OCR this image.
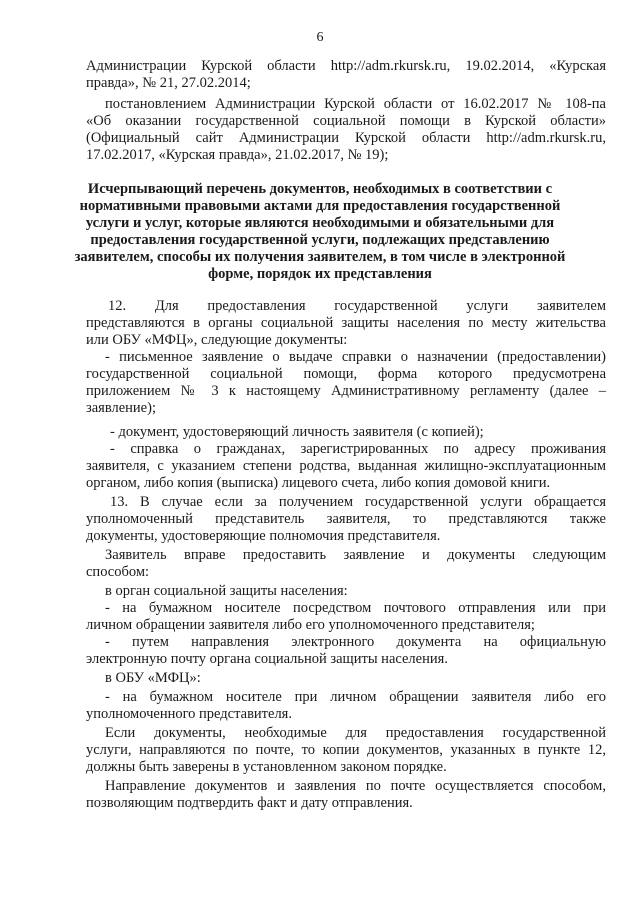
6
Администрации Курской области http://adm.rkursk.ru, 19.02.2014, «Курская
правда», № 21, 27.02.2014;
постановлением Администрации Курской области от 16.02.2017 № 108-па
«Об оказании государственной социальной помощи в Курской области»
(Официальный сайт Администрации Курской области http://adm.rkursk.ru,
17.02.2017, «Курская правда», 21.02.2017, № 19);
Исчерпывающий перечень документов, необходимых в соответствии с
нормативными правовыми актами для предоставления государственной
услуги и услуг, которые являются необходимыми и обязательными для
предоставления государственной услуги, подлежащих представлению
заявителем, способы их получения заявителем, в том числе в электронной
форме, порядок их представления
12. Для предоставления государственной услуги заявителем
представляются в органы социальной защиты населения по месту жительства
или ОБУ «МФЦ», следующие документы:
- письменное заявление о выдаче справки о назначении (предоставлении)
государственной социальной помощи, форма которого предусмотрена
приложением № 3 к настоящему Административному регламенту (далее –
заявление);
- документ, удостоверяющий личность заявителя (с копией);
- справка о гражданах, зарегистрированных по адресу проживания
заявителя, с указанием степени родства, выданная жилищно-эксплуатационным
органом, либо копия (выписка) лицевого счета, либо копия домовой книги.
13. В случае если за получением государственной услуги обращается
уполномоченный представитель заявителя, то представляются также
документы, удостоверяющие полномочия представителя.
Заявитель вправе предоставить заявление и документы следующим
способом:
в орган социальной защиты населения:
- на бумажном носителе посредством почтового отправления или при
личном обращении заявителя либо его уполномоченного представителя;
- путем направления электронного документа на официальную
электронную почту органа социальной защиты населения.
в ОБУ «МФЦ»:
- на бумажном носителе при личном обращении заявителя либо его
уполномоченного представителя.
Если документы, необходимые для предоставления государственной
услуги, направляются по почте, то копии документов, указанных в пункте 12,
должны быть заверены в установленном законом порядке.
Направление документов и заявления по почте осуществляется способом,
позволяющим подтвердить факт и дату отправления.
